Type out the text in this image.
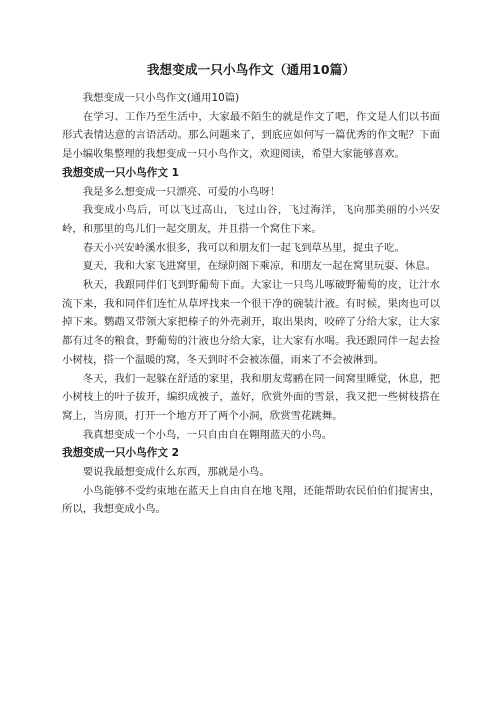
我想变成一只小鸟作文（通用10篇）

我想变成一只小鸟作文(通用10篇)

在学习、工作乃至生活中，大家最不陌生的就是作文了吧，作文是人们以书面形式表情达意的言语活动。那么问题来了，到底应如何写一篇优秀的作文呢？下面是小编收集整理的我想变成一只小鸟作文，欢迎阅读，希望大家能够喜欢。

我想变成一只小鸟作文 1

我是多么想变成一只漂亮、可爱的小鸟呀！

我变成小鸟后，可以飞过高山，飞过山谷，飞过海洋，飞向那美丽的小兴安岭，和那里的鸟儿们一起交朋友，并且搭一个窝住下来。

春天小兴安岭溪水很多，我可以和朋友们一起飞到草丛里，捉虫子吃。

夏天，我和大家飞进窝里，在绿阴阁下乘凉，和朋友一起在窝里玩耍、休息。

秋天，我跟同伴们飞到野葡萄下面。大家让一只鸟儿啄破野葡萄的皮，让汁水流下来，我和同伴们连忙从草坪找来一个很干净的碗装汁液。有时候，果肉也可以掉下来。鹦鹉又带领大家把榛子的外壳剥开，取出果肉，咬碎了分给大家，让大家都有过冬的粮食，野葡萄的汁液也分给大家，让大家有水喝。我还跟同伴一起去捡小树枝，搭一个温暖的窝，冬天到时不会被冻僵，雨来了不会被淋到。

冬天，我们一起躲在舒适的家里，我和朋友莺鹂在同一间窝里睡觉，休息，把小树枝上的叶子拔开，编织成被子，盖好，欣赏外面的雪景，我又把一些树枝搭在窝上，当房顶，打开一个地方开了两个小洞，欣赏雪花跳舞。

我真想变成一个小鸟，一只自由自在翱翔蓝天的小鸟。

我想变成一只小鸟作文 2

要说我最想变成什么东西，那就是小鸟。

小鸟能够不受约束地在蓝天上自由自在地飞翔，还能帮助农民伯伯们捉害虫，所以，我想变成小鸟。
